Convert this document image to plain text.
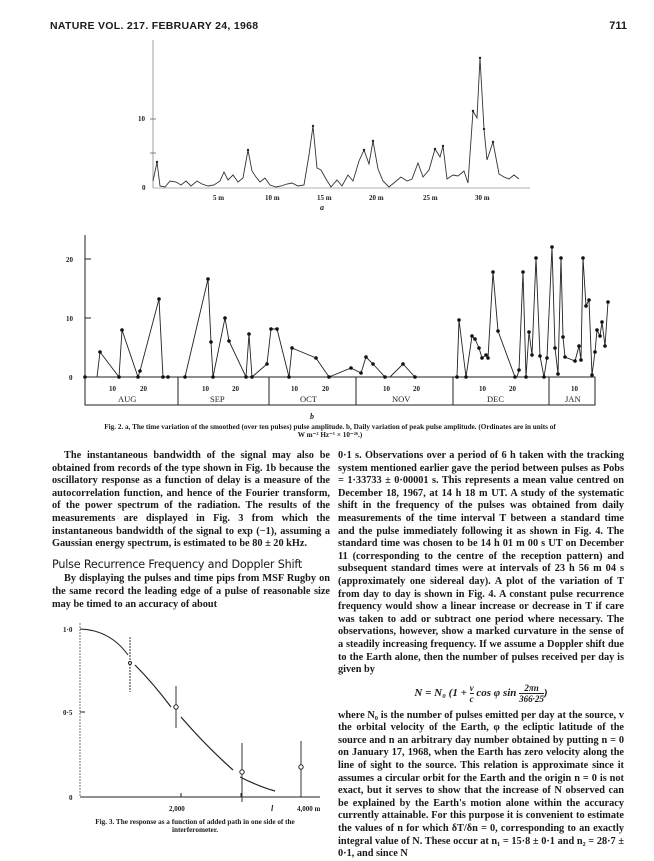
NATURE VOL. 217. FEBRUARY 24, 1968	711
0
10
5 m	10 m	15 m	20 m	25 m	30 m
a
0
10
20
10	20	10	20	10	20	10	20	10	20	10
AUG	SEP	OCT	NOV	DEC	JAN
b
Fig. 2. a, The time variation of the smoothed (over ten pulses) pulse amplitude. b, Daily variation of peak pulse amplitude. (Ordinates are in units of
W m⁻² Hz⁻¹ × 10⁻²⁶.)

The instantaneous bandwidth of the signal may also be obtained from records of the type shown in Fig. 1b because the oscillatory response as a function of delay is a measure of the autocorrelation function, and hence of the Fourier transform, of the power spectrum of the radiation. The results of the measurements are displayed in Fig. 3 from which the instantaneous bandwidth of the signal to exp (−1), assuming a Gaussian energy spectrum, is estimated to be 80 ± 20 kHz.

Pulse Recurrence Frequency and Doppler Shift

By displaying the pulses and time pips from MSF Rugby on the same record the leading edge of a pulse of reasonable size may be timed to an accuracy of about

1·0
0·5
0
2,000	l	4,000 m
Fig. 3. The response as a function of added path in one side of the
interferometer.

0·1 s. Observations over a period of 6 h taken with the tracking system mentioned earlier gave the period between pulses as Pobs = 1·33733 ± 0·00001 s. This represents a mean value centred on December 18, 1967, at 14 h 18 m UT. A study of the systematic shift in the frequency of the pulses was obtained from daily measurements of the time interval T between a standard time and the pulse immediately following it as shown in Fig. 4. The standard time was chosen to be 14 h 01 m 00 s UT on December 11 (corresponding to the centre of the reception pattern) and subsequent standard times were at intervals of 23 h 56 m 04 s (approximately one sidereal day). A plot of the variation of T from day to day is shown in Fig. 4. A constant pulse recurrence frequency would show a linear increase or decrease in T if care was taken to add or subtract one period where necessary. The observations, however, show a marked curvature in the sense of a steadily increasing frequency. If we assume a Doppler shift due to the Earth alone, then the number of pulses received per day is given by

N = N₀ ($1 + \frac{v}{c}$ cos φ $\sin \frac{2\pi n}{366\cdot 25}$ )

where N₀ is the number of pulses emitted per day at the source, v the orbital velocity of the Earth, φ the ecliptic latitude of the source and n an arbitrary day number obtained by putting n = 0 on January 17, 1968, when the Earth has zero velocity along the line of sight to the source. This relation is approximate since it assumes a circular orbit for the Earth and the origin n = 0 is not exact, but it serves to show that the increase of N observed can be explained by the Earth's motion alone within the accuracy currently attainable. For this purpose it is convenient to estimate the values of n for which δT/δn = 0, corresponding to an exactly integral value of N. These occur at n₁ = 15·8 ± 0·1 and n₂ = 28·7 ± 0·1, and since N
